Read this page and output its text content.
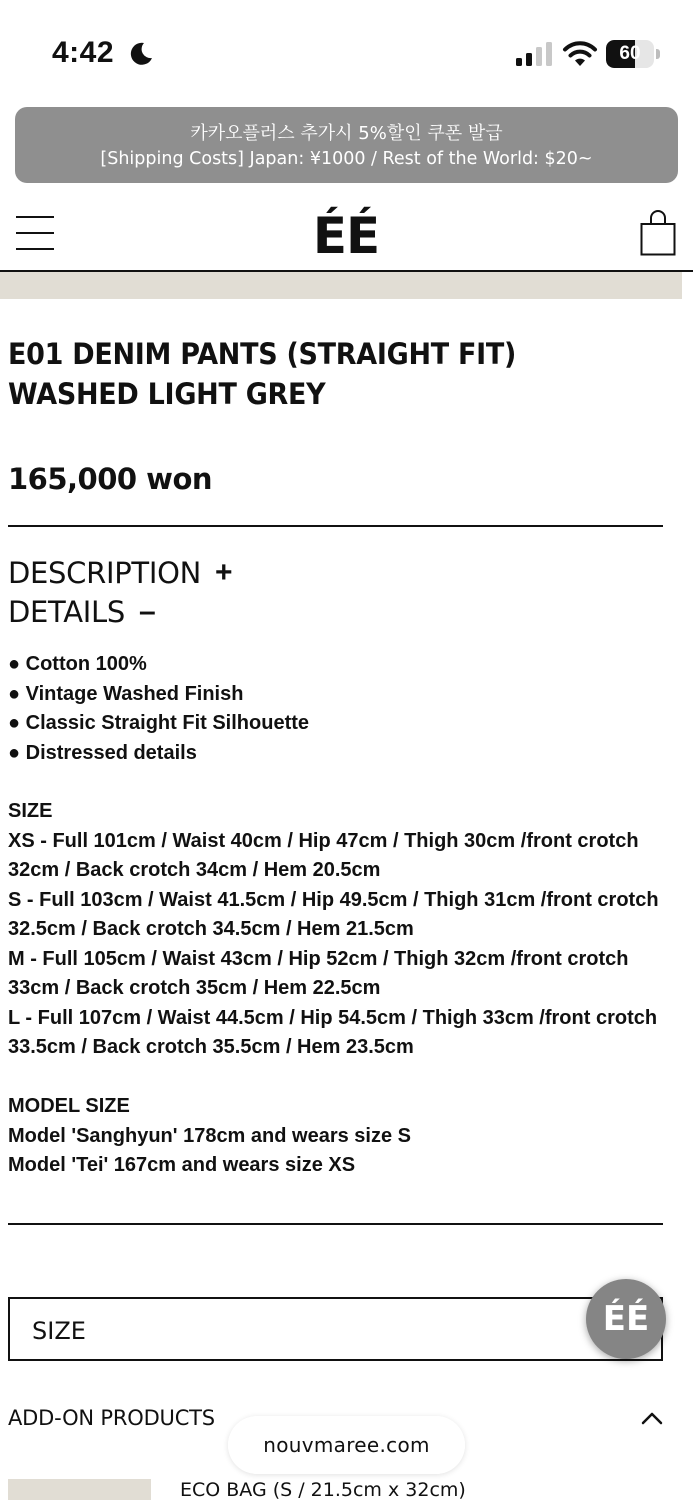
4:42	60
카카오플러스 추가시 5%할인 쿠폰 발급
[Shipping Costs] Japan: ¥1000 / Rest of the World: $20~
ÉÉ
E01 DENIM PANTS (STRAIGHT FIT)
WASHED LIGHT GREY
165,000 won
DESCRIPTION +
DETAILS –
● Cotton 100%
● Vintage Washed Finish
● Classic Straight Fit Silhouette
● Distressed details
SIZE
XS - Full 101cm / Waist 40cm / Hip 47cm / Thigh 30cm /front crotch 32cm / Back crotch 34cm / Hem 20.5cm
S - Full 103cm / Waist 41.5cm / Hip 49.5cm / Thigh 31cm /front crotch 32.5cm / Back crotch 34.5cm / Hem 21.5cm
M - Full 105cm / Waist 43cm / Hip 52cm / Thigh 32cm /front crotch 33cm / Back crotch 35cm / Hem 22.5cm
L - Full 107cm / Waist 44.5cm / Hip 54.5cm / Thigh 33cm /front crotch 33.5cm / Back crotch 35.5cm / Hem 23.5cm
MODEL SIZE
Model 'Sanghyun' 178cm and wears size S
Model 'Tei' 167cm and wears size XS
SIZE
ADD-ON PRODUCTS
ECO BAG (S / 21.5cm x 32cm)
ÉÉ
nouvmaree.com
